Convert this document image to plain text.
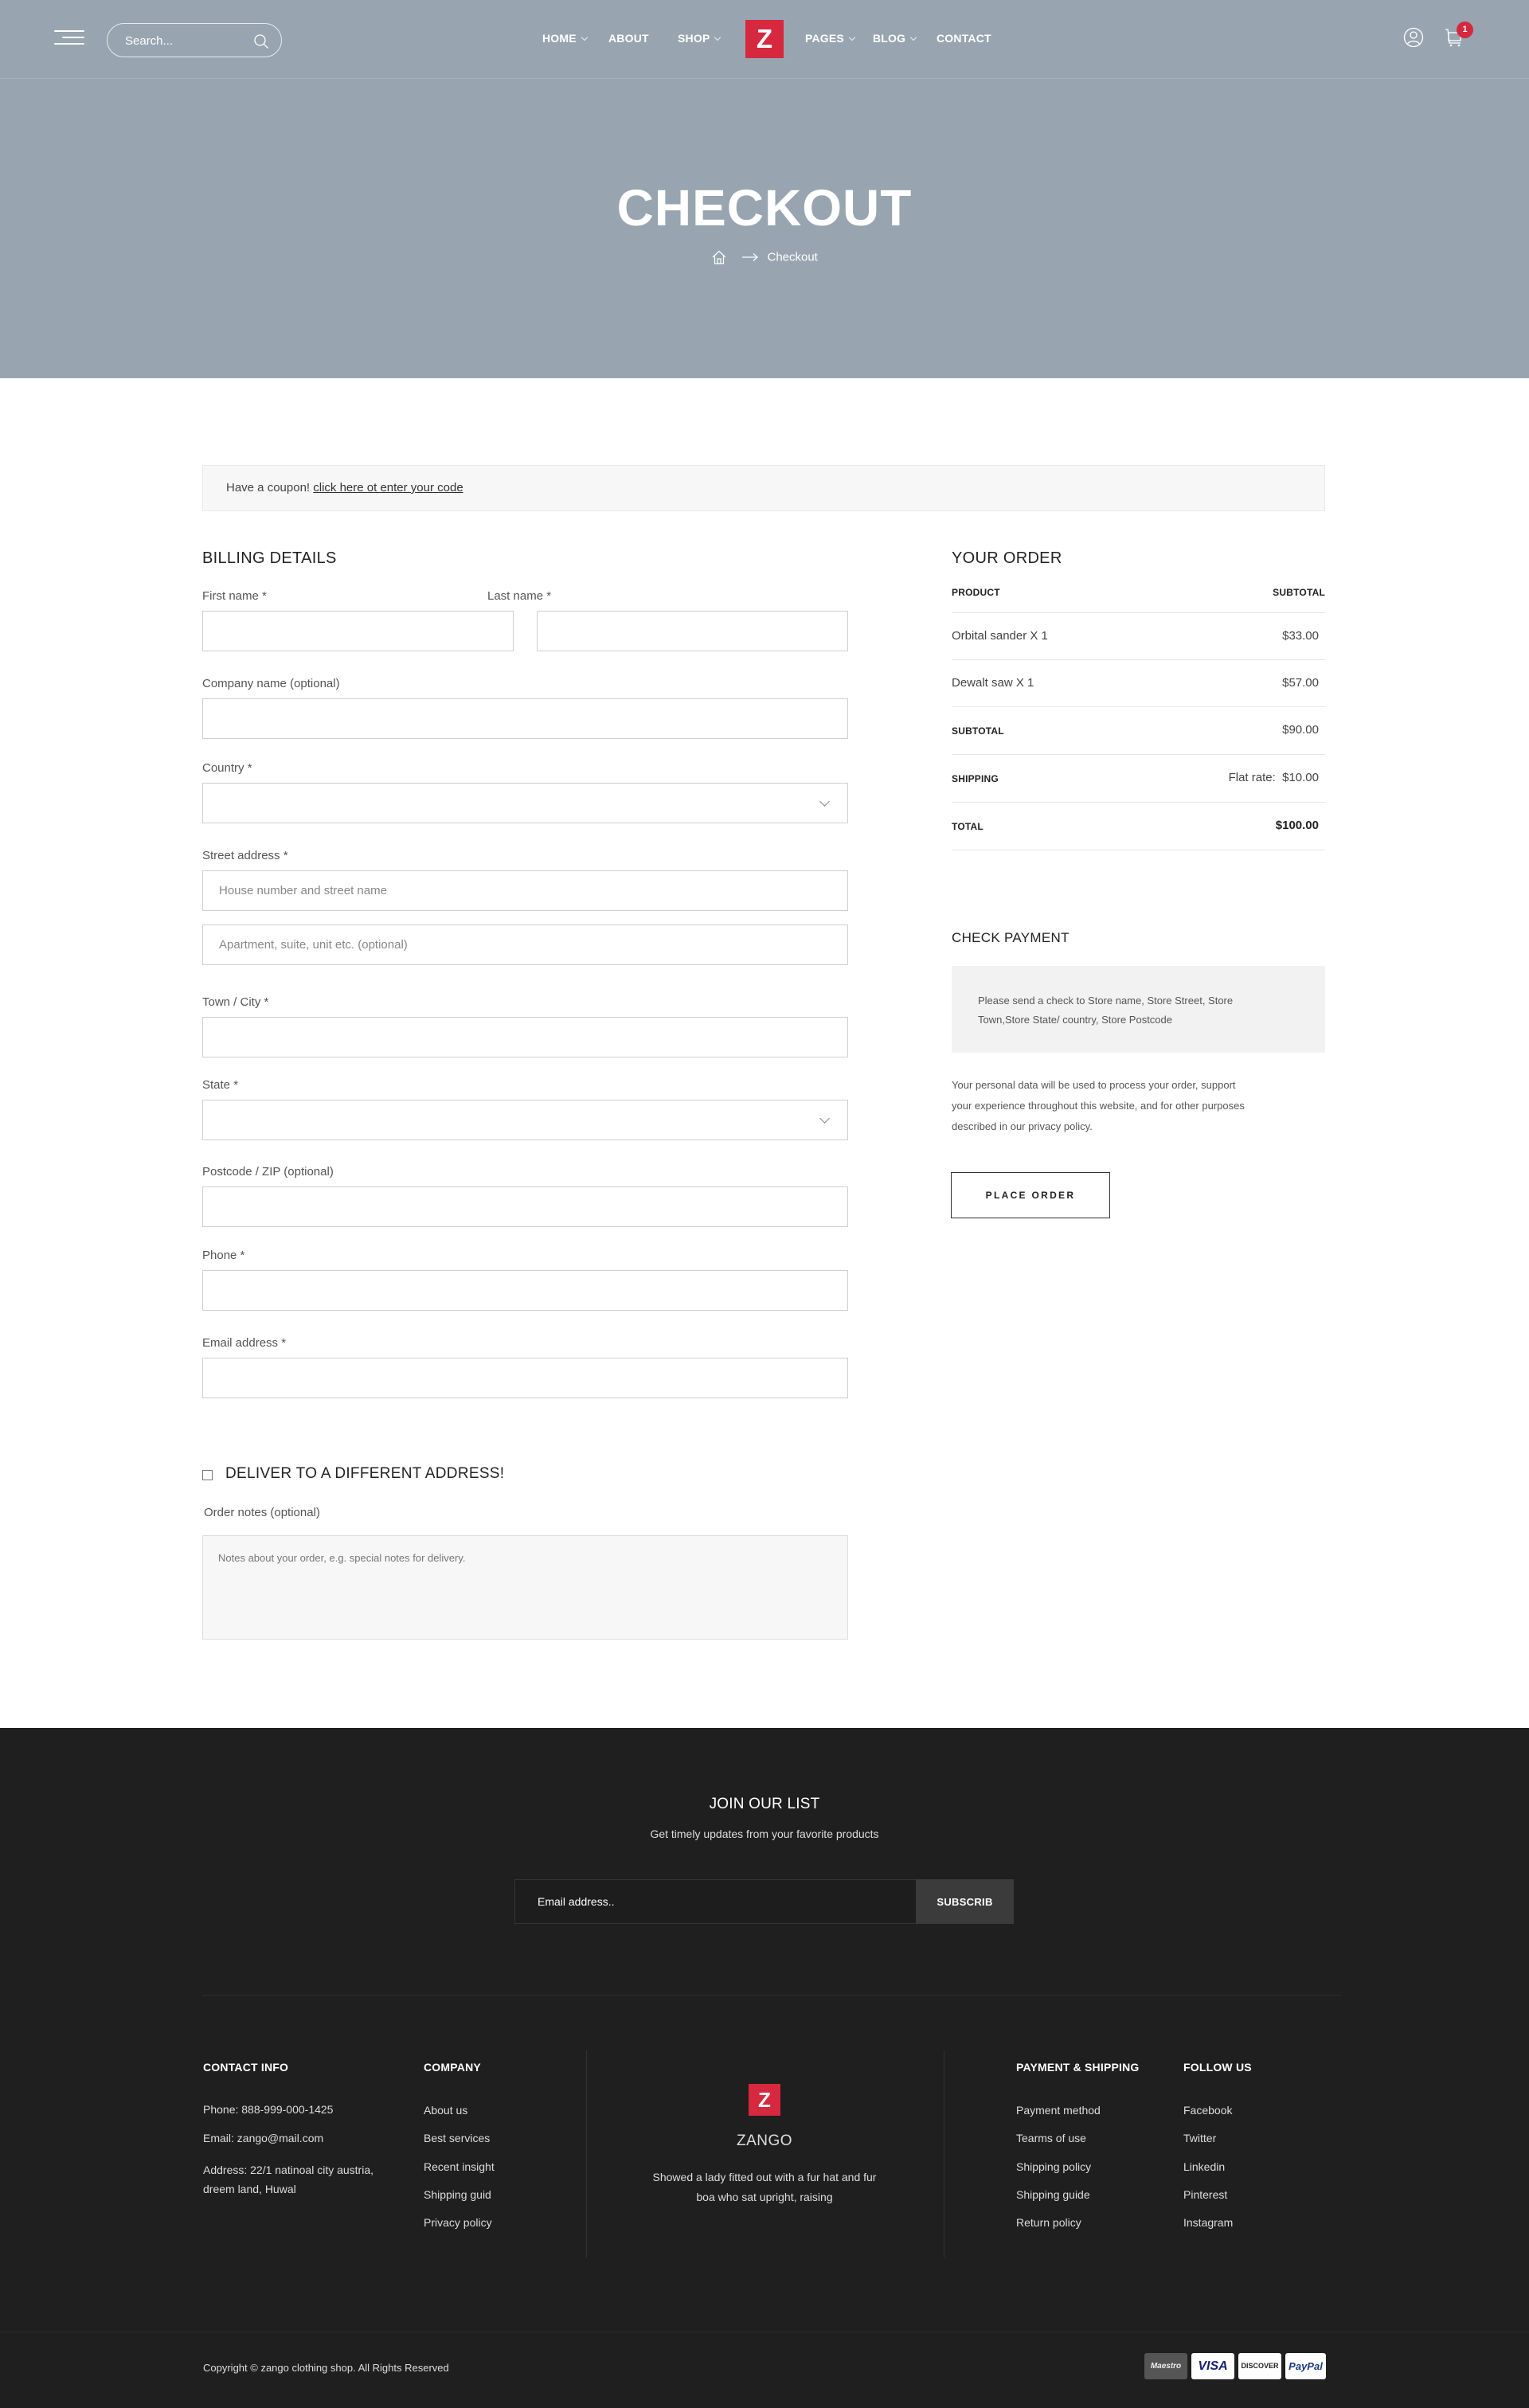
Search...
HOME	ABOUT	SHOP	Z	PAGES	BLOG	CONTACT
1
CHECKOUT
Checkout
Have a coupon! click here ot enter your code
BILLING DETAILS
First name *	Last name *
Company name (optional)
Country *
Street address *
House number and street name
Apartment, suite, unit etc. (optional)
Town / City *
State *
Postcode / ZIP (optional)
Phone *
Email address *
DELIVER TO A DIFFERENT ADDRESS!
Order notes (optional)
Notes about your order, e.g. special notes for delivery.
YOUR ORDER
PRODUCT	SUBTOTAL
Orbital sander X 1	$33.00
Dewalt saw X 1	$57.00
SUBTOTAL	$90.00
SHIPPING	Flat rate:  $10.00
TOTAL	$100.00
CHECK PAYMENT
Please send a check to Store name, Store Street, Store
Town,Store State/ country, Store Postcode
Your personal data will be used to process your order, support
your experience throughout this website, and for other purposes
described in our privacy policy.
PLACE ORDER
JOIN OUR LIST
Get timely updates from your favorite products
Email address..
SUBSCRIB
CONTACT INFO
Phone: 888-999-000-1425
Email: zango@mail.com
Address: 22/1 natinoal city austria,
dreem land, Huwal
COMPANY
About us
Best services
Recent insight
Shipping guid
Privacy policy
Z
ZANGO
Showed a lady fitted out with a fur hat and fur
boa who sat upright, raising
PAYMENT & SHIPPING
Payment method
Tearms of use
Shipping policy
Shipping guide
Return policy
FOLLOW US
Facebook
Twitter
Linkedin
Pinterest
Instagram
Copyright © zango clothing shop. All Rights Reserved	Maestro	VISA	DISCOVER PayPal
